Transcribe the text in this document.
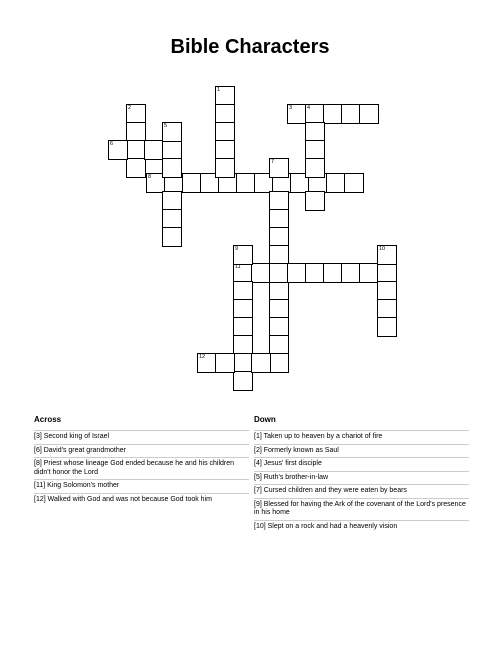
Bible Characters
1
2	3	4
5
6
7
8
9	10
11
12
Across
[3] Second king of Israel
[6] David's great grandmother
[8] Priest whose lineage God ended because he and his children didn't honor the Lord
[11] King Solomon's mother
[12] Walked with God and was not because God took him
Down
[1] Taken up to heaven by a chariot of fire
[2] Formerly known as Saul
[4] Jesus' first disciple
[5] Ruth's brother-in-law
[7] Cursed children and they were eaten by bears
[9] Blessed for having the Ark of the covenant of the Lord's presence in his home
[10] Slept on a rock and had a heavenly vision
